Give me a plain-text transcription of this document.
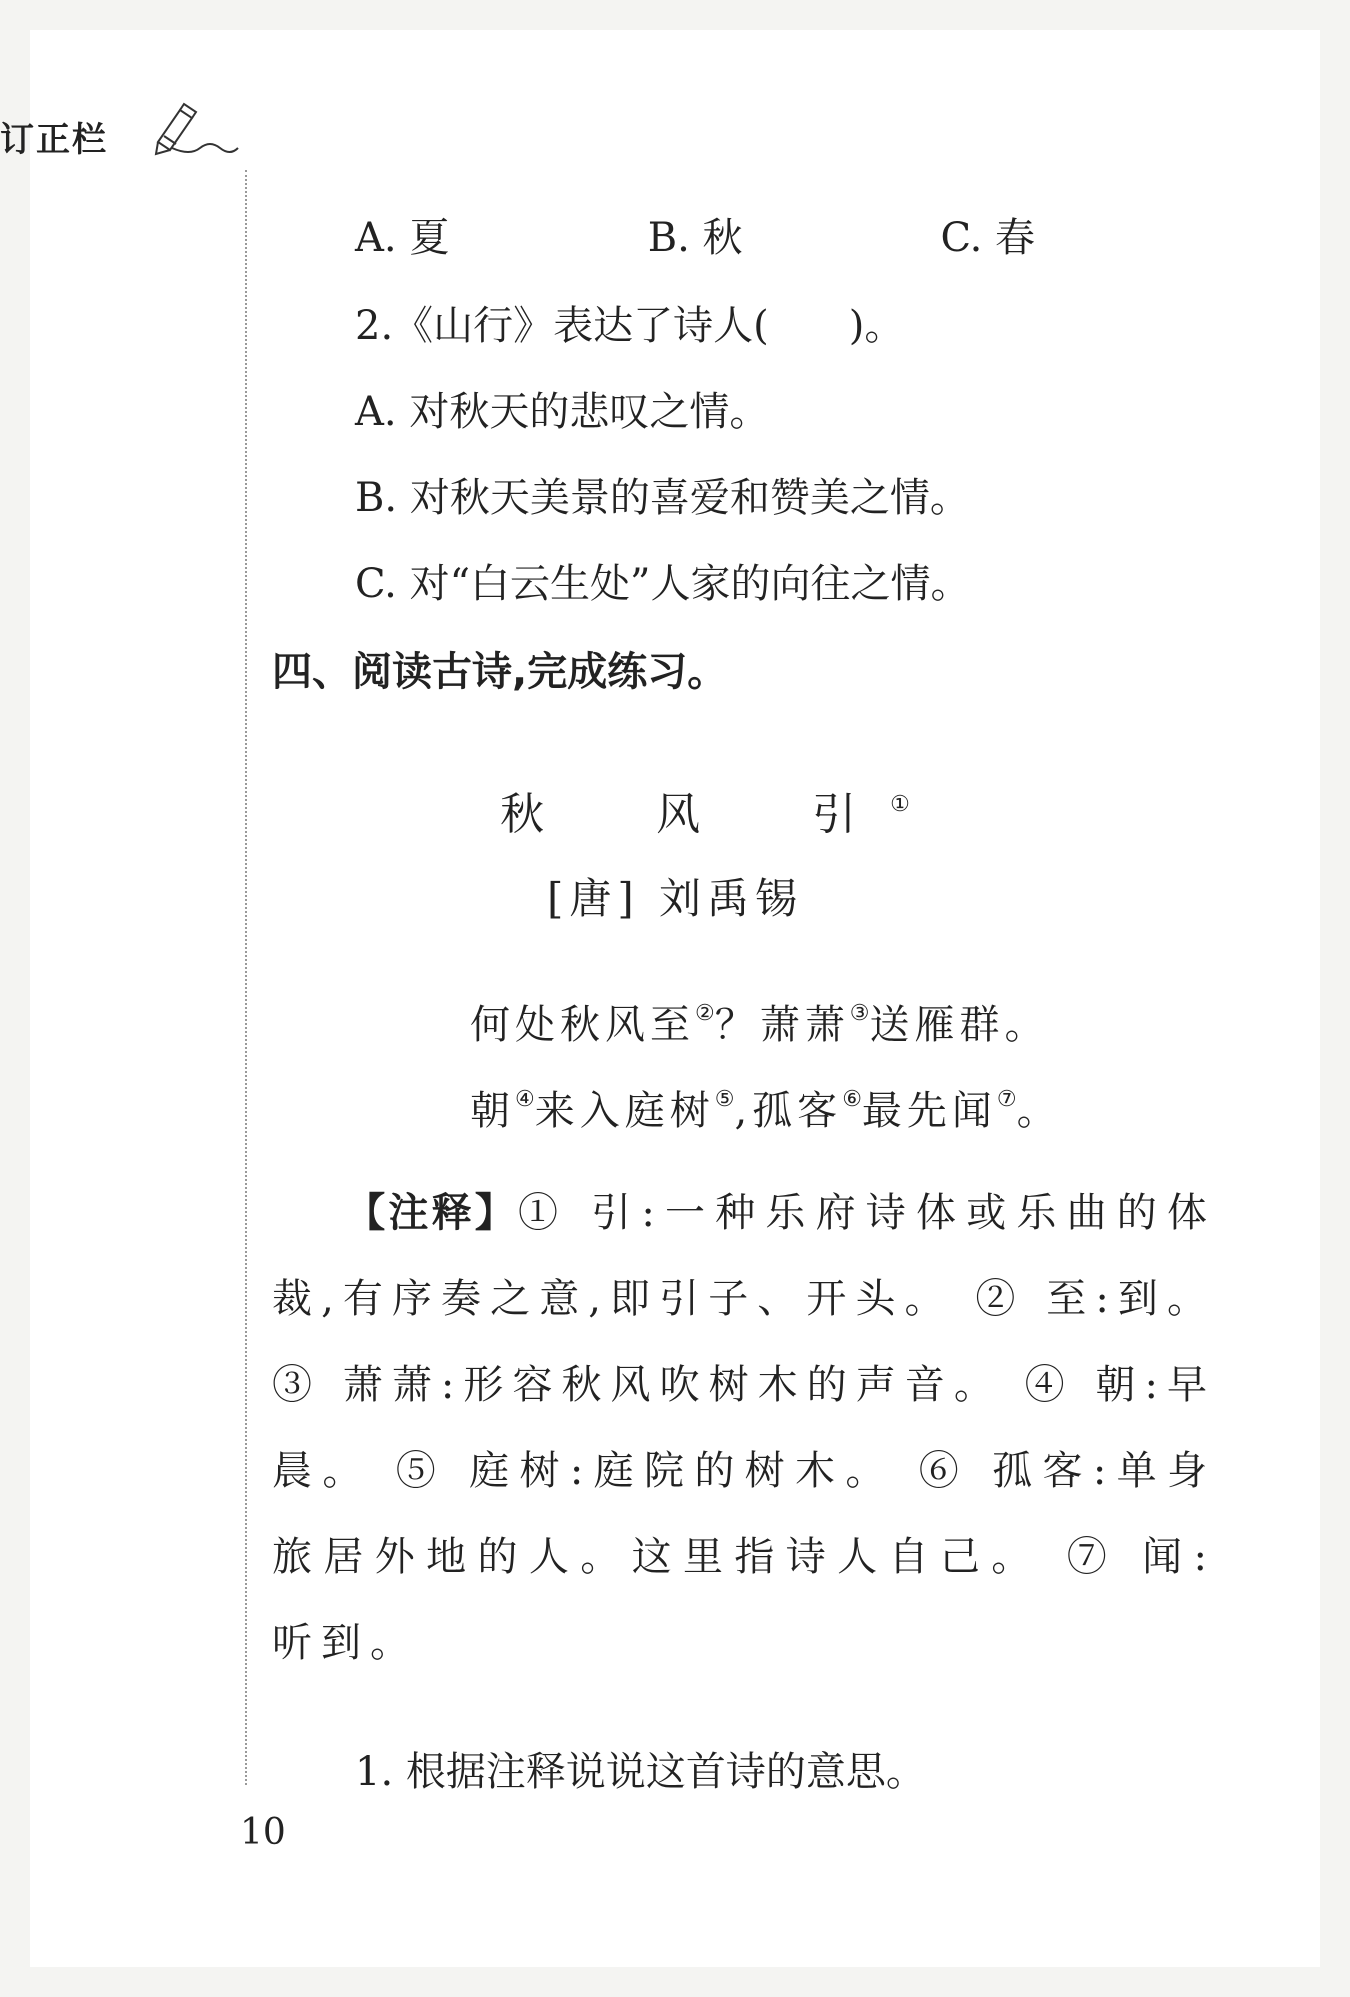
订正栏
A. 夏	B. 秋	C. 春
2.《山行》表达了诗人(　　)。
A. 对秋天的悲叹之情。
B. 对秋天美景的喜爱和赞美之情。
C. 对“白云生处”人家的向往之情。
四、阅读古诗,完成练习。
秋　风　引①
[唐] 刘禹锡
何处秋风至②？萧萧③送雁群。
朝④来入庭树⑤,孤客⑥最先闻⑦。
【注释】① 引:一种乐府诗体或乐曲的体裁,有序奏之意,即引子、开头。 ② 至:到。 ③ 萧萧:形容秋风吹树木的声音。 ④ 朝:早晨。 ⑤ 庭树:庭院的树木。 ⑥ 孤客:单身旅居外地的人。这里指诗人自己。 ⑦ 闻:听到。
1. 根据注释说说这首诗的意思。
10
